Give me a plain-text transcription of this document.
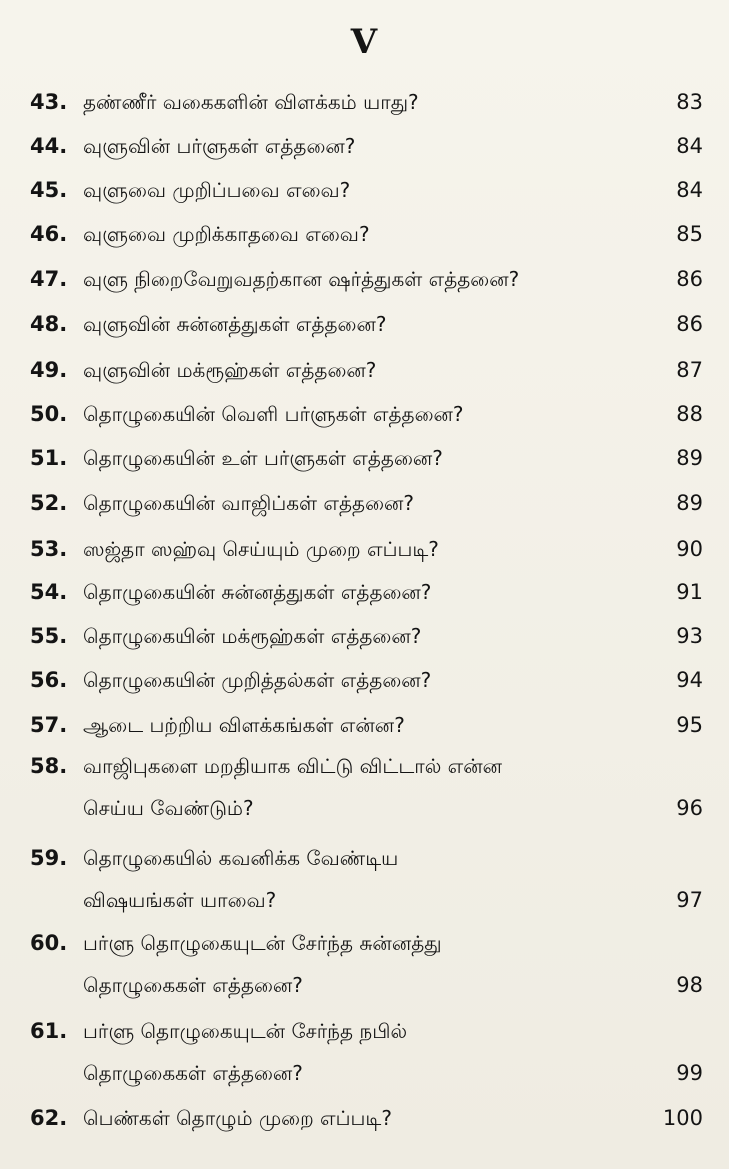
V
43. தண்ணீர் வகைகளின் விளக்கம் யாது?	83
44. வுளுவின் பர்ளுகள் எத்தனை?	84
45. வுளுவை முறிப்பவை எவை?	84
46. வுளுவை முறிக்காதவை எவை?	85
47. வுளு நிறைவேறுவதற்கான ஷர்த்துகள் எத்தனை?	86
48. வுளுவின் சுன்னத்துகள் எத்தனை?	86
49. வுளுவின் மக்ரூஹ்கள் எத்தனை?	87
50. தொழுகையின் வெளி பர்ளுகள் எத்தனை?	88
51. தொழுகையின் உள் பர்ளுகள் எத்தனை?	89
52. தொழுகையின் வாஜிப்கள் எத்தனை?	89
53. ஸஜ்தா ஸஹ்வு செய்யும் முறை எப்படி?	90
54. தொழுகையின் சுன்னத்துகள் எத்தனை?	91
55. தொழுகையின் மக்ரூஹ்கள் எத்தனை?	93
56. தொழுகையின் முறித்தல்கள் எத்தனை?	94
57. ஆடை பற்றிய விளக்கங்கள் என்ன?	95
58. வாஜிபுகளை மறதியாக விட்டு விட்டால் என்ன
செய்ய வேண்டும்?	96
59. தொழுகையில் கவனிக்க வேண்டிய
விஷயங்கள் யாவை?	97
60. பர்ளு தொழுகையுடன் சேர்ந்த சுன்னத்து
தொழுகைகள் எத்தனை?	98
61. பர்ளு தொழுகையுடன் சேர்ந்த நபில்
தொழுகைகள் எத்தனை?	99
62. பெண்கள் தொழும் முறை எப்படி?	100
